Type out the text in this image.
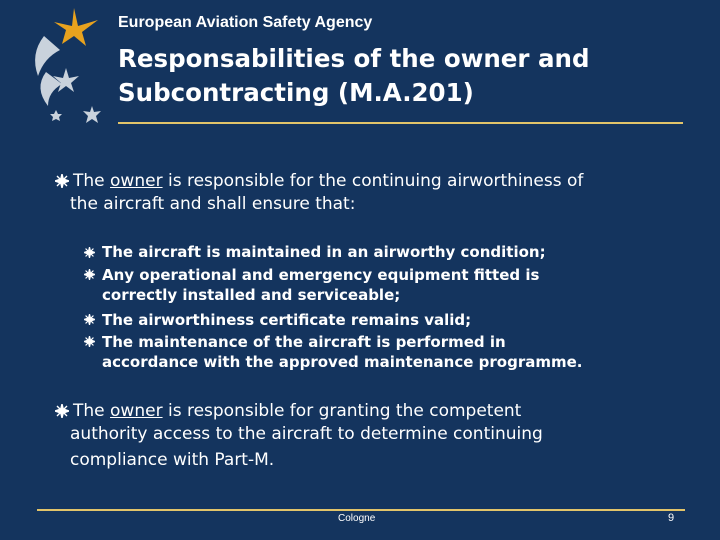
European Aviation Safety Agency
Responsabilities of the owner and
Subcontracting (M.A.201)
The owner is responsible for the continuing airworthiness of
the aircraft and shall ensure that:
The aircraft is maintained in an airworthy condition;
Any operational and emergency equipment fitted is
correctly installed and serviceable;
The airworthiness certificate remains valid;
The maintenance of the aircraft is performed in
accordance with the approved maintenance programme.
The owner is responsible for granting the competent
authority access to the aircraft to determine continuing
compliance with Part-M.
Cologne	9
